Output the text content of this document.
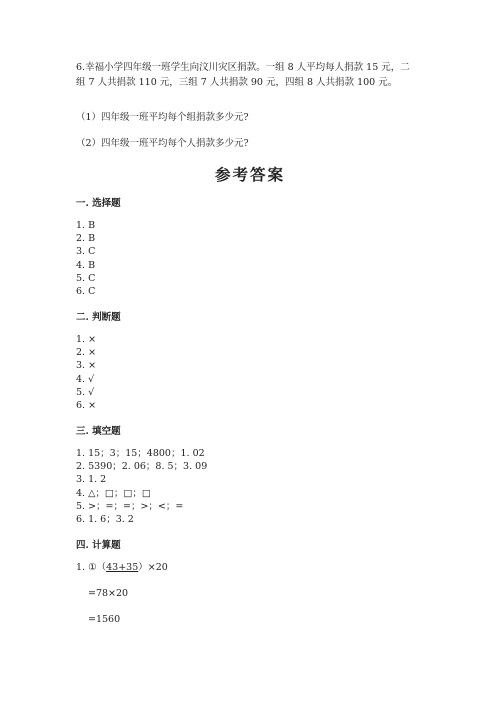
6.幸福小学四年级一班学生向汶川灾区捐款。一组 8 人平均每人捐款 15 元，二
组 7 人共捐款 110 元，三组 7 人共捐款 90 元，四组 8 人共捐款 100 元。
（1）四年级一班平均每个组捐款多少元?
（2）四年级一班平均每个人捐款多少元?
参考答案
一. 选择题
1. B
2. B
3. C
4. B
5. C
6. C
二. 判断题
1. ×
2. ×
3. ×
4. √
5. √
6. ×
三. 填空题
1. 15；3；15；4800；1. 02
2. 5390；2. 06；8. 5；3. 09
3. 1. 2
4. △；□；□；□
5. >；=；=；>；<；=
6. 1. 6；3. 2
四. 计算题
1. ①（43+35）×20
=78×20
=1560
